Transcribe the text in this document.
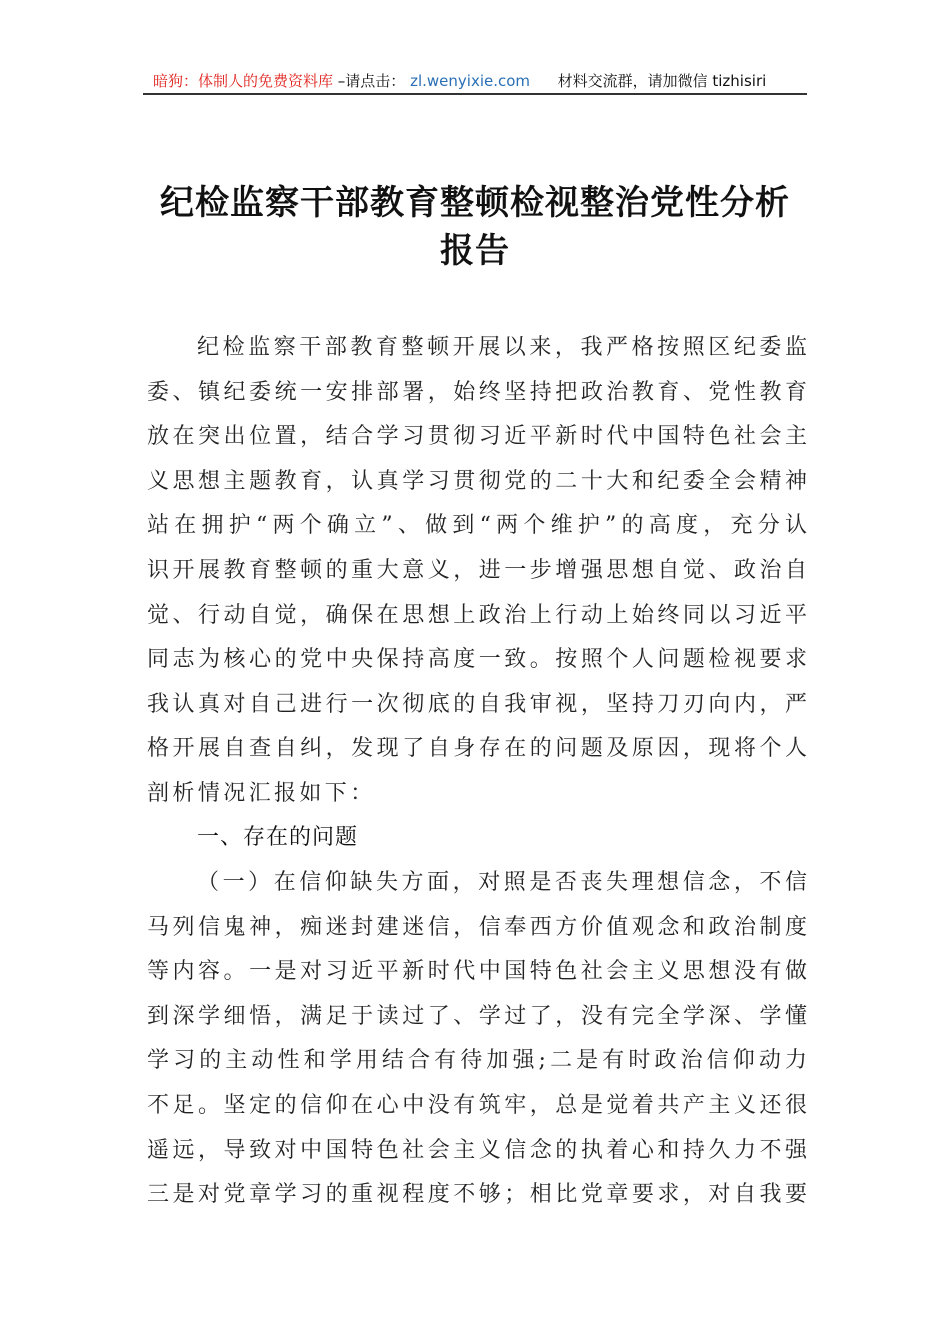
暗狗：体制人的免费资料库 –请点击： zl.wenyixie.com 材料交流群，请加微信 tizhisiri
纪检监察干部教育整顿检视整治党性分析
报告
纪检监察干部教育整顿开展以来，我严格按照区纪委监
委、镇纪委统一安排部署，始终坚持把政治教育、党性教育
放在突出位置，结合学习贯彻习近平新时代中国特色社会主
义思想主题教育，认真学习贯彻党的二十大和纪委全会精神
站在拥护“两个确立”、做到“两个维护”的高度，充分认
识开展教育整顿的重大意义，进一步增强思想自觉、政治自
觉、行动自觉，确保在思想上政治上行动上始终同以习近平
同志为核心的党中央保持高度一致。按照个人问题检视要求
我认真对自己进行一次彻底的自我审视，坚持刀刃向内，严
格开展自查自纠，发现了自身存在的问题及原因，现将个人
剖析情况汇报如下：
一、存在的问题
（一）在信仰缺失方面，对照是否丧失理想信念，不信
马列信鬼神，痴迷封建迷信，信奉西方价值观念和政治制度
等内容。一是对习近平新时代中国特色社会主义思想没有做
到深学细悟，满足于读过了、学过了，没有完全学深、学懂
学习的主动性和学用结合有待加强;二是有时政治信仰动力
不足。坚定的信仰在心中没有筑牢，总是觉着共产主义还很
遥远，导致对中国特色社会主义信念的执着心和持久力不强
三是对党章学习的重视程度不够；相比党章要求，对自我要
